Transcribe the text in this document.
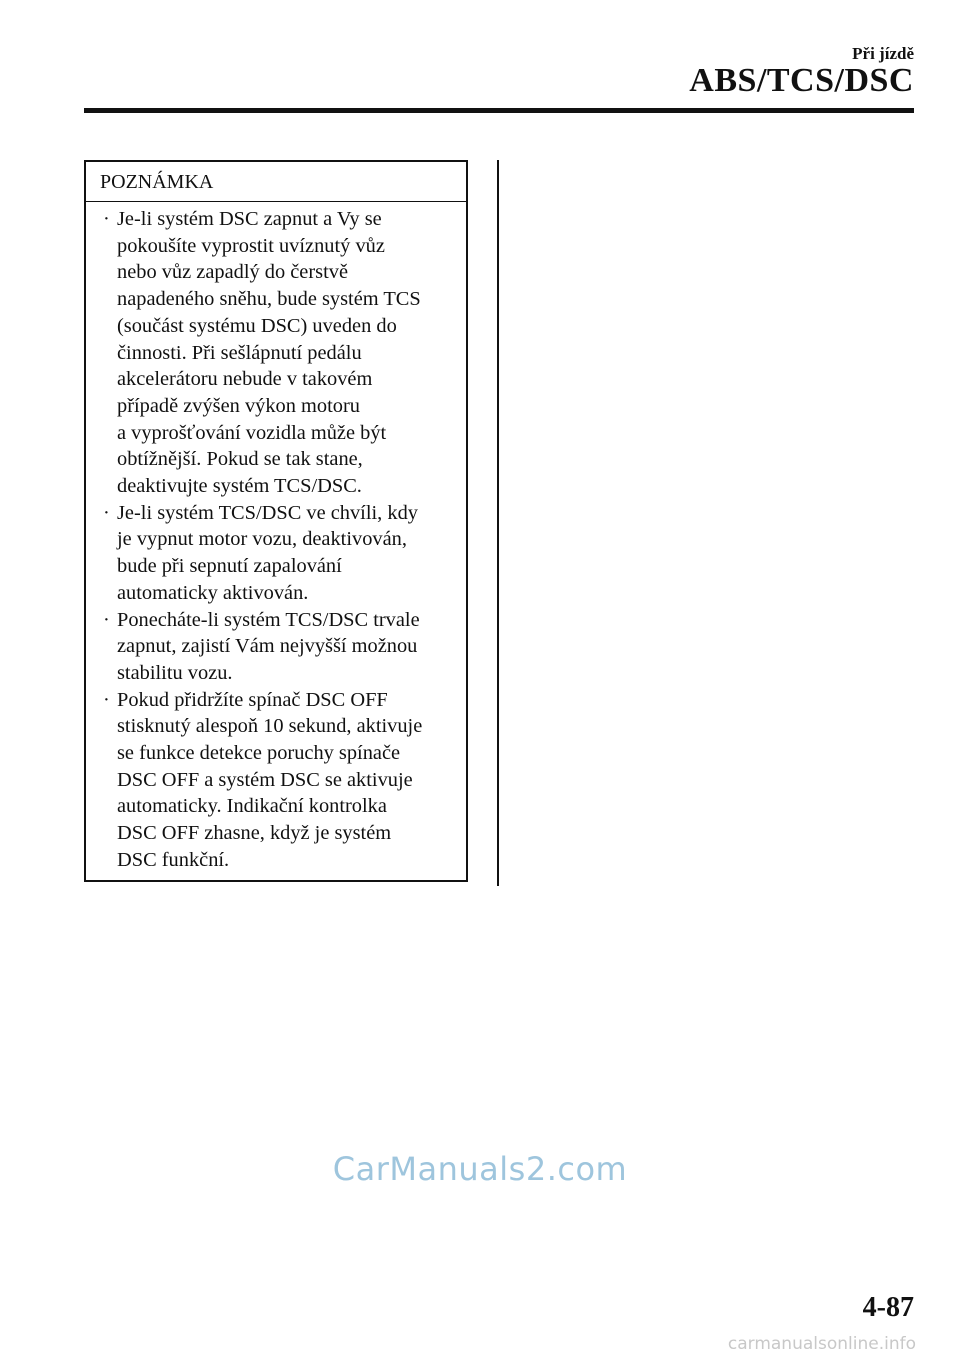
Při jízdě
ABS/TCS/DSC
POZNÁMKA
· Je-li systém DSC zapnut a Vy se
pokoušíte vyprostit uvíznutý vůz
nebo vůz zapadlý do čerstvě
napadeného sněhu, bude systém TCS
(součást systému DSC) uveden do
činnosti. Při sešlápnutí pedálu
akcelerátoru nebude v takovém
případě zvýšen výkon motoru
a vyprošťování vozidla může být
obtížnější. Pokud se tak stane,
deaktivujte systém TCS/DSC.
· Je-li systém TCS/DSC ve chvíli, kdy
je vypnut motor vozu, deaktivován,
bude při sepnutí zapalování
automaticky aktivován.
· Ponecháte-li systém TCS/DSC trvale
zapnut, zajistí Vám nejvyšší možnou
stabilitu vozu.
· Pokud přidržíte spínač DSC OFF
stisknutý alespoň 10 sekund, aktivuje
se funkce detekce poruchy spínače
DSC OFF a systém DSC se aktivuje
automaticky. Indikační kontrolka
DSC OFF zhasne, když je systém
DSC funkční.
CarManuals2.com
4-87
carmanualsonline.info
